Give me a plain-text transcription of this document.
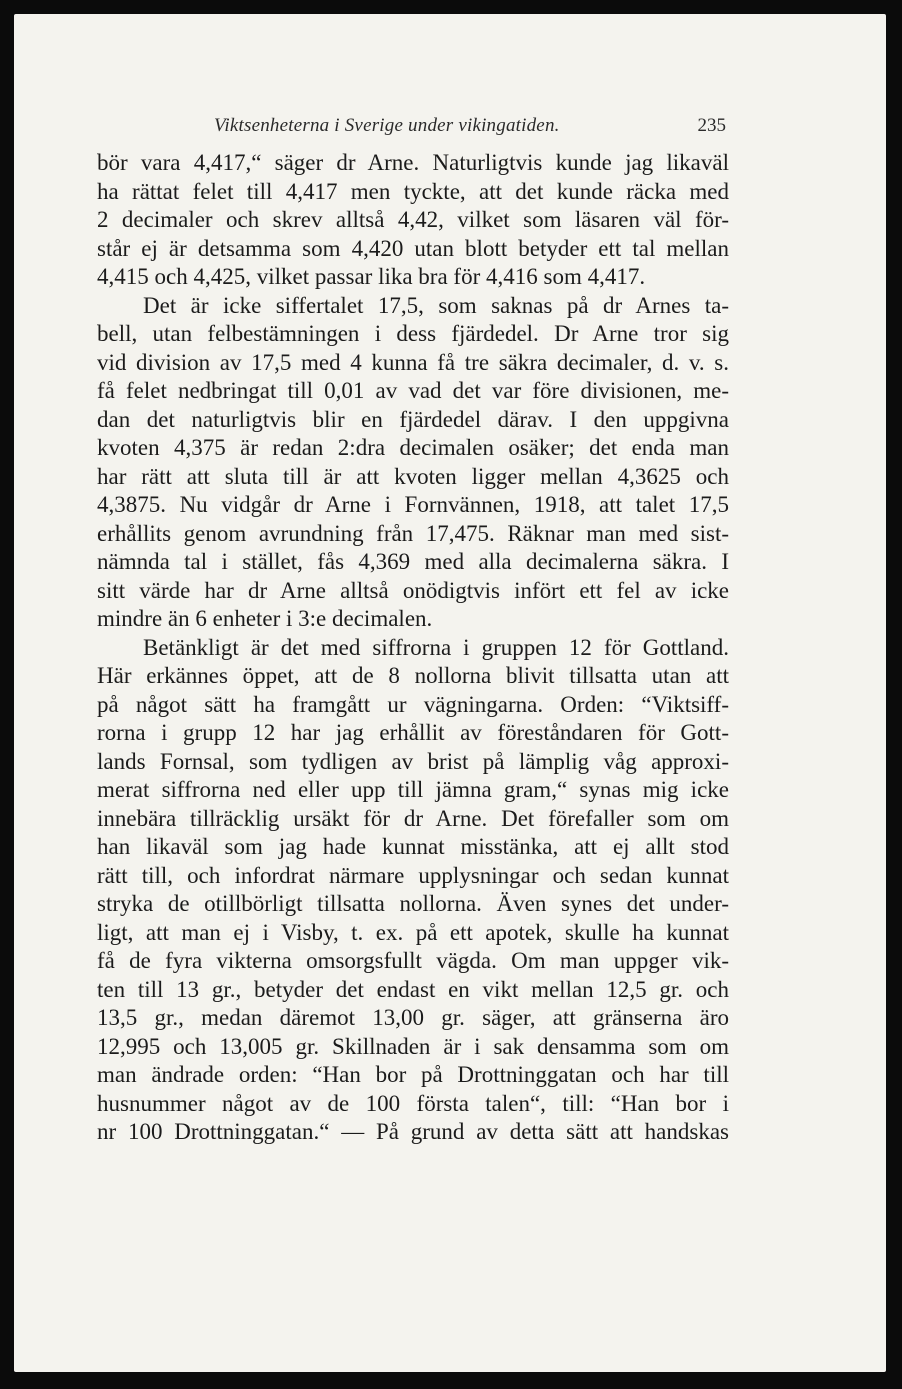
Viktsenheterna i Sverige under vikingatiden.	235
bör vara 4,417,“ säger dr Arne. Naturligtvis kunde jag likaväl
ha rättat felet till 4,417 men tyckte, att det kunde räcka med
2 decimaler och skrev alltså 4,42, vilket som läsaren väl för-
står ej är detsamma som 4,420 utan blott betyder ett tal mellan
4,415 och 4,425, vilket passar lika bra för 4,416 som 4,417.
Det är icke siffertalet 17,5, som saknas på dr Arnes ta-
bell, utan felbestämningen i dess fjärdedel. Dr Arne tror sig
vid division av 17,5 med 4 kunna få tre säkra decimaler, d. v. s.
få felet nedbringat till 0,01 av vad det var före divisionen, me-
dan det naturligtvis blir en fjärdedel därav. I den uppgivna
kvoten 4,375 är redan 2:dra decimalen osäker; det enda man
har rätt att sluta till är att kvoten ligger mellan 4,3625 och
4,3875. Nu vidgår dr Arne i Fornvännen, 1918, att talet 17,5
erhållits genom avrundning från 17,475. Räknar man med sist-
nämnda tal i stället, fås 4,369 med alla decimalerna säkra. I
sitt värde har dr Arne alltså onödigtvis infört ett fel av icke
mindre än 6 enheter i 3:e decimalen.
Betänkligt är det med siffrorna i gruppen 12 för Gottland.
Här erkännes öppet, att de 8 nollorna blivit tillsatta utan att
på något sätt ha framgått ur vägningarna. Orden: “Viktsiff-
rorna i grupp 12 har jag erhållit av föreståndaren för Gott-
lands Fornsal, som tydligen av brist på lämplig våg approxi-
merat siffrorna ned eller upp till jämna gram,“ synas mig icke
innebära tillräcklig ursäkt för dr Arne. Det förefaller som om
han likaväl som jag hade kunnat misstänka, att ej allt stod
rätt till, och infordrat närmare upplysningar och sedan kunnat
stryka de otillbörligt tillsatta nollorna. Även synes det under-
ligt, att man ej i Visby, t. ex. på ett apotek, skulle ha kunnat
få de fyra vikterna omsorgsfullt vägda. Om man uppger vik-
ten till 13 gr., betyder det endast en vikt mellan 12,5 gr. och
13,5 gr., medan däremot 13,00 gr. säger, att gränserna äro
12,995 och 13,005 gr. Skillnaden är i sak densamma som om
man ändrade orden: “Han bor på Drottninggatan och har till
husnummer något av de 100 första talen“, till: “Han bor i
nr 100 Drottninggatan.“ — På grund av detta sätt att handskas
